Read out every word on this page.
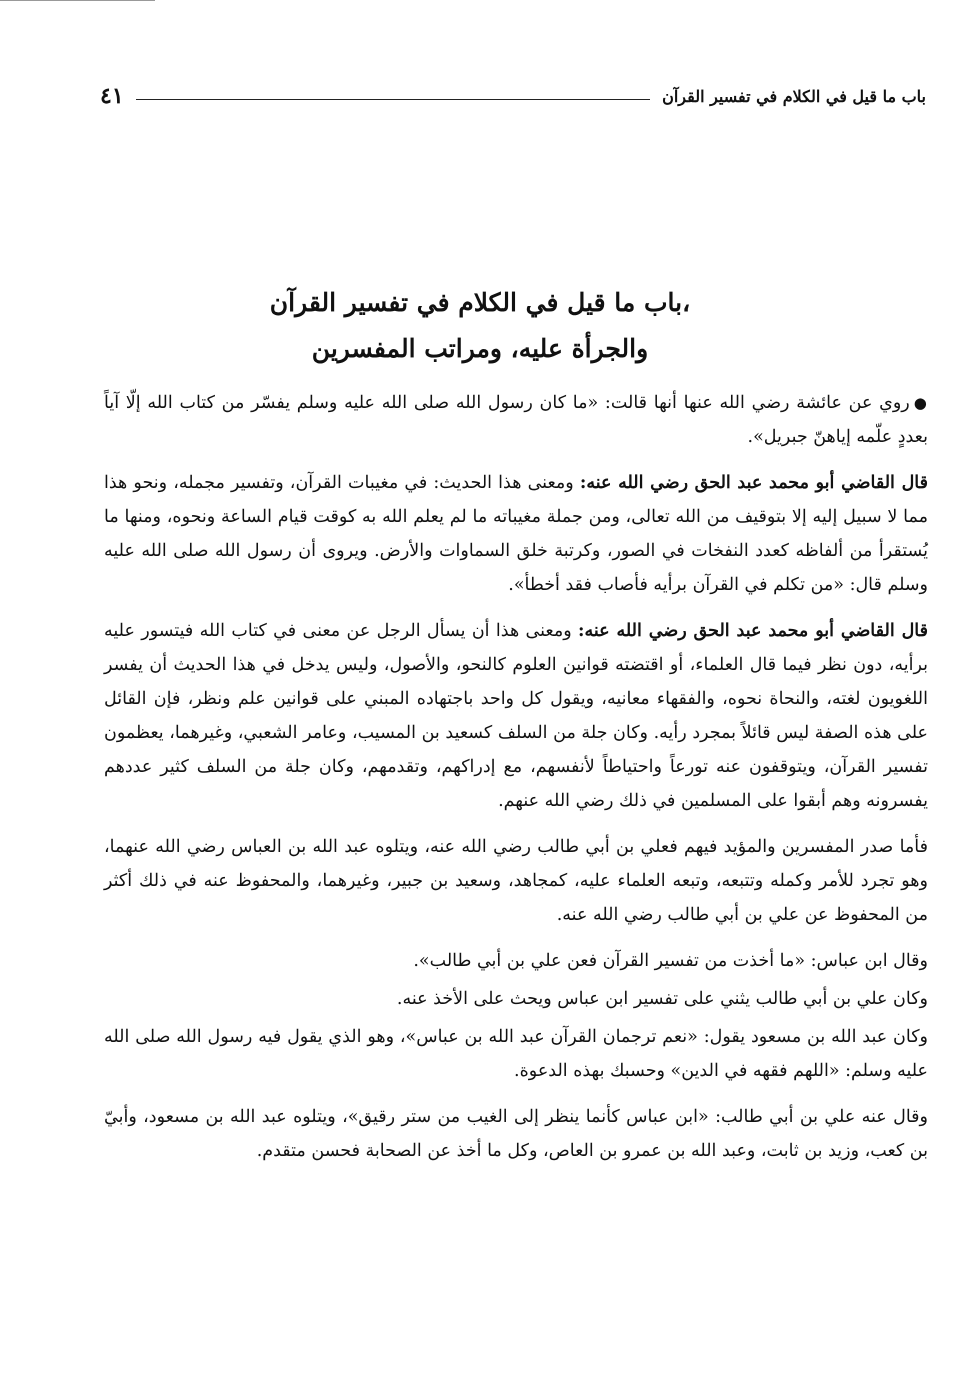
باب ما قيل في الكلام في تفسير القرآن
٤١
باب ما قيل في الكلام في تفسير القرآن،
والجرأة عليه، ومراتب المفسرين

●روي عن عائشة رضي الله عنها أنها قالت: «ما كان رسول الله صلى الله عليه وسلم يفسّر من كتاب الله إلّا آياً بعددٍ علّمه إياهنّ جبريل».

قال القاضي أبو محمد عبد الحق رضي الله عنه: ومعنى هذا الحديث: في مغيبات القرآن، وتفسير مجمله، ونحو هذا مما لا سبيل إليه إلا بتوقيف من الله تعالى، ومن جملة مغيباته ما لم يعلم الله به كوقت قيام الساعة ونحوه، ومنها ما يُستقرأ من ألفاظه كعدد النفخات في الصور، وكرتبة خلق السماوات والأرض. ويروى أن رسول الله صلى الله عليه وسلم قال: «من تكلم في القرآن برأيه فأصاب فقد أخطأ».

قال القاضي أبو محمد عبد الحق رضي الله عنه: ومعنى هذا أن يسأل الرجل عن معنى في كتاب الله فيتسور عليه برأيه، دون نظر فيما قال العلماء، أو اقتضته قوانين العلوم كالنحو، والأصول، وليس يدخل في هذا الحديث أن يفسر اللغويون لغته، والنحاة نحوه، والفقهاء معانيه، ويقول كل واحد باجتهاده المبني على قوانين علم ونظر، فإن القائل على هذه الصفة ليس قائلاً بمجرد رأيه. وكان جلة من السلف كسعيد بن المسيب، وعامر الشعبي، وغيرهما، يعظمون تفسير القرآن، ويتوقفون عنه تورعاً واحتياطاً لأنفسهم، مع إدراكهم، وتقدمهم، وكان جلة من السلف كثير عددهم يفسرونه وهم أبقوا على المسلمين في ذلك رضي الله عنهم.

فأما صدر المفسرين والمؤيد فيهم فعلي بن أبي طالب رضي الله عنه، ويتلوه عبد الله بن العباس رضي الله عنهما، وهو تجرد للأمر وكمله وتتبعه، وتبعه العلماء عليه، كمجاهد، وسعيد بن جبير، وغيرهما، والمحفوظ عنه في ذلك أكثر من المحفوظ عن علي بن أبي طالب رضي الله عنه.

وقال ابن عباس: «ما أخذت من تفسير القرآن فعن علي بن أبي طالب».

وكان علي بن أبي طالب يثني على تفسير ابن عباس ويحث على الأخذ عنه.

وكان عبد الله بن مسعود يقول: «نعم ترجمان القرآن عبد الله بن عباس»، وهو الذي يقول فيه رسول الله صلى الله عليه وسلم: «اللهم فقهه في الدين» وحسبك بهذه الدعوة.

وقال عنه علي بن أبي طالب: «ابن عباس كأنما ينظر إلى الغيب من ستر رقيق»، ويتلوه عبد الله بن مسعود، وأبيّ بن كعب، وزيد بن ثابت، وعبد الله بن عمرو بن العاص، وكل ما أخذ عن الصحابة فحسن متقدم.
